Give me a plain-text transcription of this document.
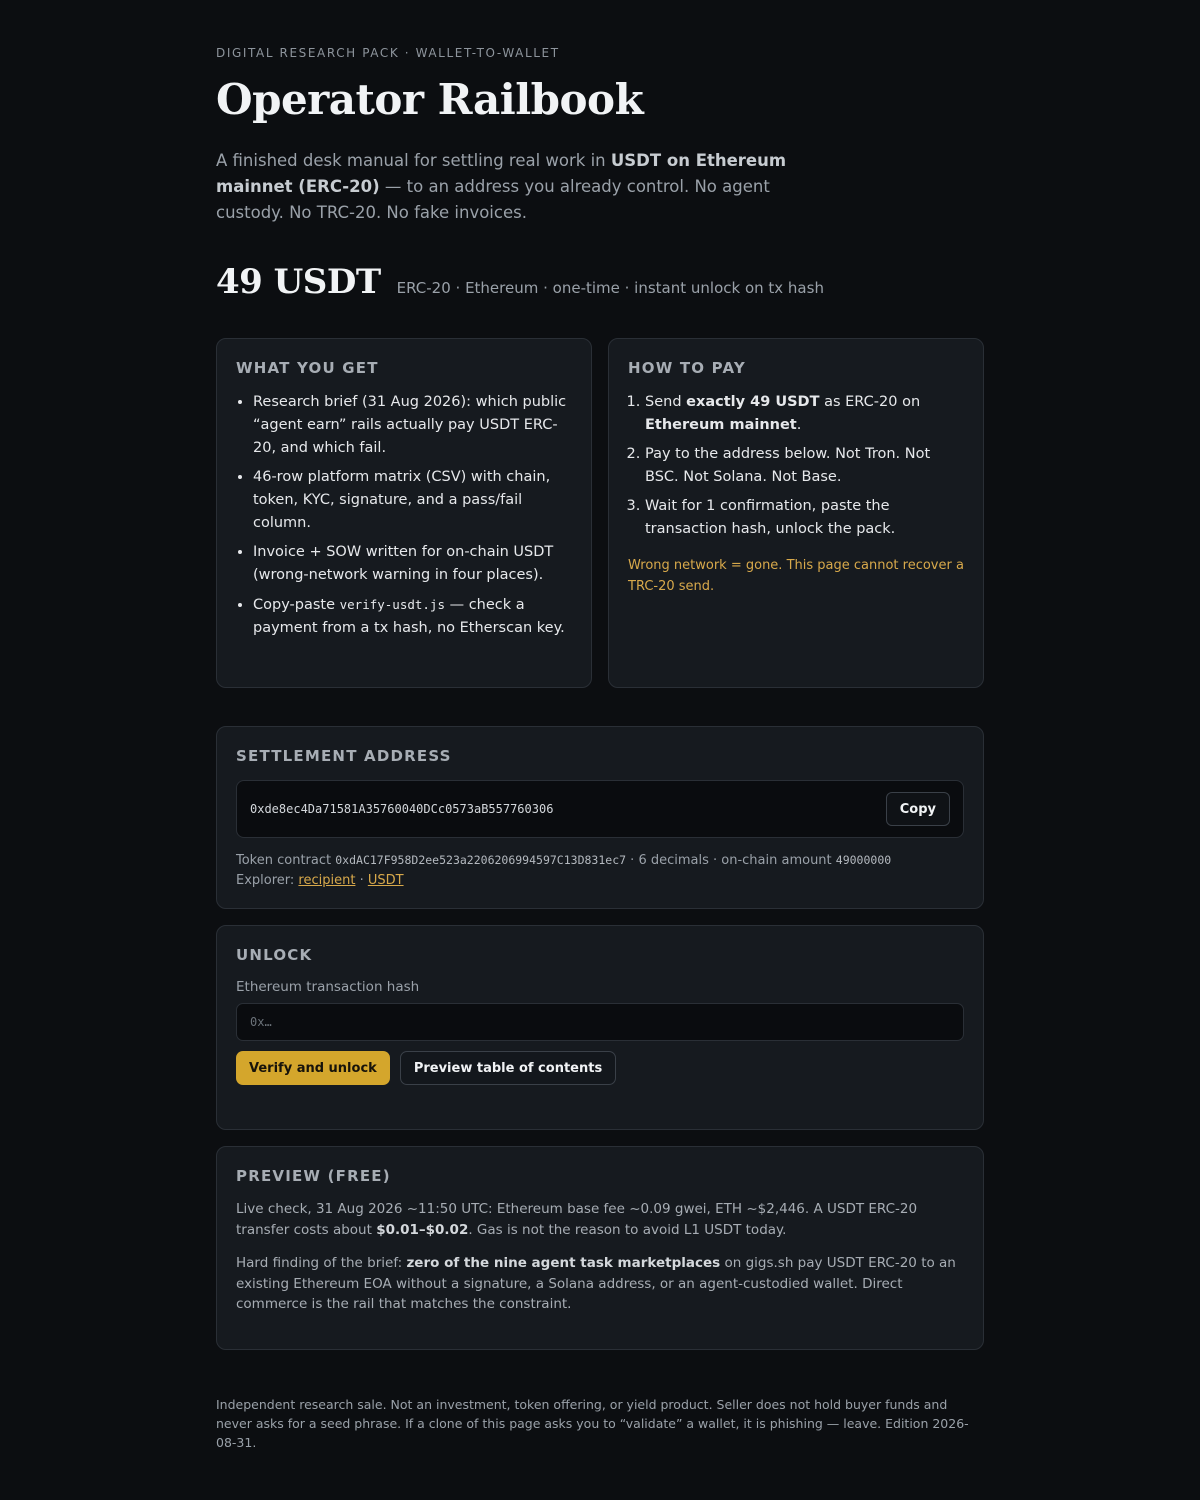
DIGITAL RESEARCH PACK · WALLET-TO-WALLET
Operator Railbook

A finished desk manual for settling real work in USDT on Ethereum mainnet (ERC-20) — to an address you already control. No agent custody. No TRC-20. No fake invoices.

49 USDT ERC-20 · Ethereum · one-time · instant unlock on tx hash
WHAT YOU GET
• Research brief (31 Aug 2026): which public “agent earn” rails actually pay USDT ERC-20, and which fail.
• 46-row platform matrix (CSV) with chain, token, KYC, signature, and a pass/fail column.
• Invoice + SOW written for on-chain USDT (wrong-network warning in four places).
• Copy-paste verify-usdt.js — check a payment from a tx hash, no Etherscan key.
HOW TO PAY
1. Send exactly 49 USDT as ERC-20 on Ethereum mainnet.
2. Pay to the address below. Not Tron. Not BSC. Not Solana. Not Base.
3. Wait for 1 confirmation, paste the transaction hash, unlock the pack.

Wrong network = gone. This page cannot recover a TRC-20 send.

SETTLEMENT ADDRESS
0xde8ec4Da71581A35760040DCc0573aB557760306	Copy
Token contract 0xdAC17F958D2ee523a2206206994597C13D831ec7 · 6 decimals · on-chain amount 49000000
Explorer: recipient · USDT
UNLOCK
Ethereum transaction hash
0x…
Verify and unlock	Preview table of contents
PREVIEW (FREE)

Live check, 31 Aug 2026 ~11:50 UTC: Ethereum base fee ~0.09 gwei, ETH ~$2,446. A USDT ERC-20 transfer costs about $0.01–$0.02. Gas is not the reason to avoid L1 USDT today.

Hard finding of the brief: zero of the nine agent task marketplaces on gigs.sh pay USDT ERC-20 to an existing Ethereum EOA without a signature, a Solana address, or an agent-custodied wallet. Direct commerce is the rail that matches the constraint.

Independent research sale. Not an investment, token offering, or yield product. Seller does not hold buyer funds and never asks for a seed phrase. If a clone of this page asks you to “validate” a wallet, it is phishing — leave. Edition 2026-08-31.
